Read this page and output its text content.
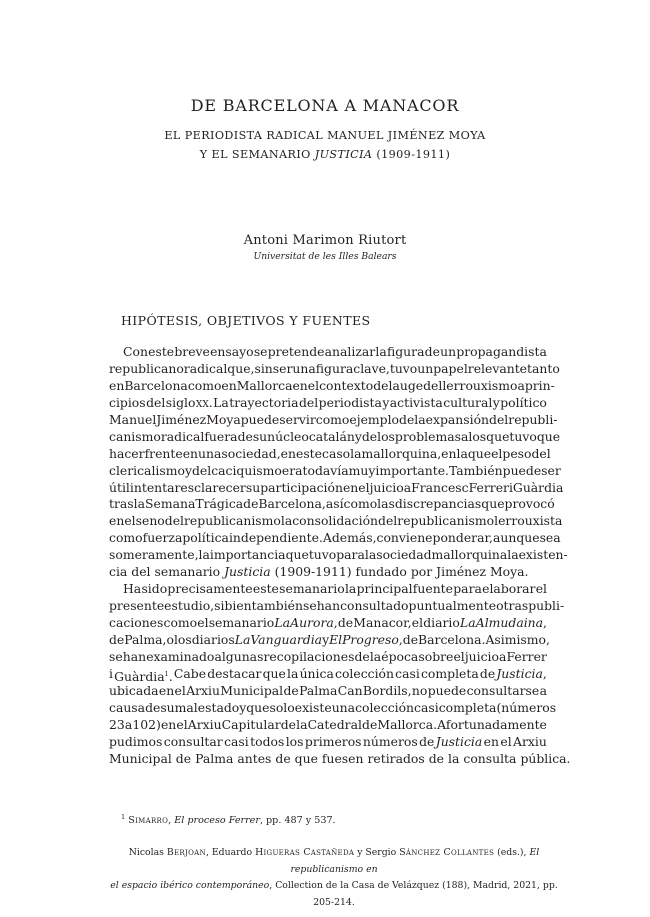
DE BARCELONA A MANACOR
EL PERIODISTA RADICAL MANUEL JIMÉNEZ MOYA
Y EL SEMANARIO JUSTICIA (1909-1911)
Antoni Marimon Riutort
Universitat de les Illes Balears
HIPÓTESIS, OBJETIVOS Y FUENTES
Con este breve ensayo se pretende analizar la figura de un propagandista
republicano radical que, sin ser una figura clave, tuvo un papel relevante tanto
en Barcelona como en Mallorca en el contexto del auge del lerrouxismo a prin-
cipios del siglo xx. La trayectoria del periodista y activista cultural y político
Manuel Jiménez Moya puede servir como ejemplo de la expansión del republi-
canismo radical fuera de su núcleo catalán y de los problemas a los que tuvo que
hacer frente en una sociedad, en este caso la mallorquina, en la que el peso del
clericalismo y del caciquismo era todavía muy importante. También puede ser
útil intentar esclarecer su participación en el juicio a Francesc Ferrer i Guàrdia
tras la Semana Trágica de Barcelona, así como las discrepancias que provocó
en el seno del republicanismo la consolidación del republicanismo lerrouxista
como fuerza política independiente. Además, conviene ponderar, aunque sea
someramente, la importancia que tuvo para la sociedad mallorquina la existen-
cia del semanario Justicia (1909-1911) fundado por Jiménez Moya.
Ha sido precisamente este semanario la principal fuente para elaborar el
presente estudio, si bien también se han consultado puntualmente otras publi-
caciones como el semanario La Aurora, de Manacor, el diario La Almudaina,
de Palma, o los diarios La Vanguardia y El Progreso, de Barcelona. Asimismo,
se han examinado algunas recopilaciones de la época sobre el juicio a Ferrer
i Guàrdia$^1$. Cabe destacar que la única colección casi completa de Justicia,
ubicada en el Arxiu Municipal de Palma Can Bordils, no puede consultarse a
causa de su mal estado y que solo existe una colección casi completa (números
23 a 102) en el Arxiu Capitular de la Catedral de Mallorca. Afortunadamente
pudimos consultar casi todos los primeros números de Justicia en el Arxiu
Municipal de Palma antes de que fuesen retirados de la consulta pública.
$^1$ Simarro, El proceso Ferrer, pp. 487 y 537.
Nicolas Berjoan, Eduardo Higueras Castañeda y Sergio Sánchez Collantes (eds.), El republicanismo en
el espacio ibérico contemporáneo, Collection de la Casa de Velázquez (188), Madrid, 2021, pp. 205-214.
